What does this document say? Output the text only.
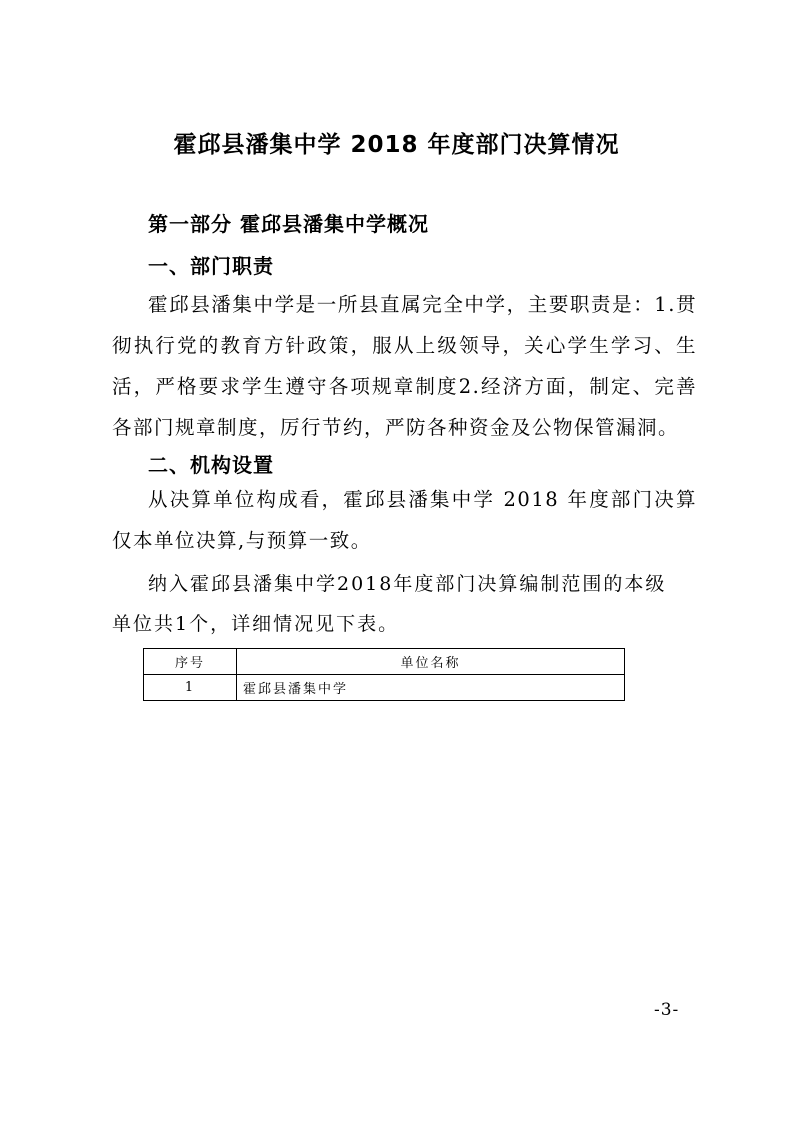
霍邱县潘集中学 2018 年度部门决算情况
第一部分 霍邱县潘集中学概况
一、部门职责
霍邱县潘集中学是一所县直属完全中学，主要职责是：1.贯彻执行党的教育方针政策，服从上级领导，关心学生学习、生活，严格要求学生遵守各项规章制度2.经济方面，制定、完善各部门规章制度，厉行节约，严防各种资金及公物保管漏洞。
二、机构设置
从决算单位构成看，霍邱县潘集中学 2018 年度部门决算仅本单位决算,与预算一致。
纳入霍邱县潘集中学2018年度部门决算编制范围的本级单位共1个，详细情况见下表。
序号	单位名称
1	霍邱县潘集中学
-3-
